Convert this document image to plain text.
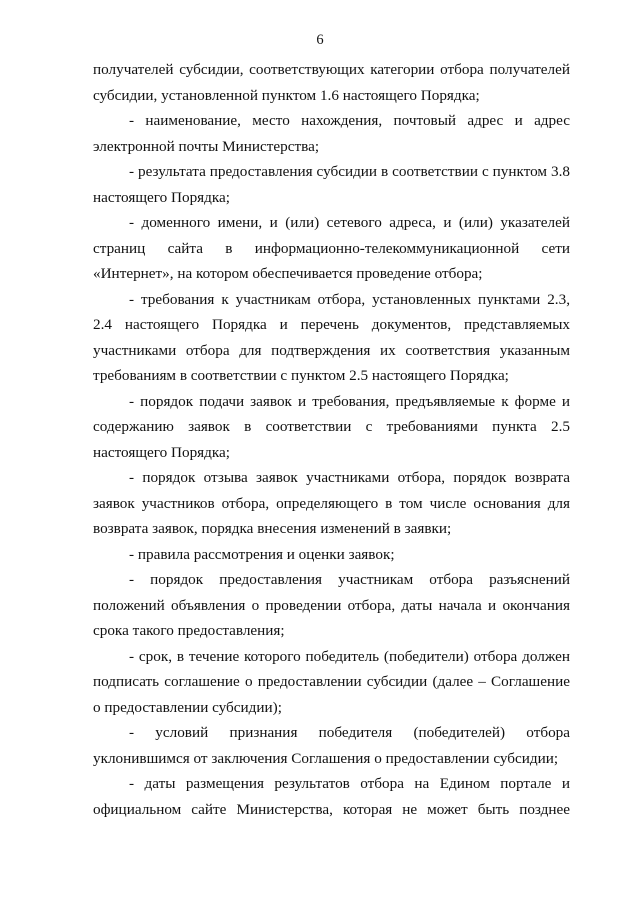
6

получателей субсидии, соответствующих категории отбора получателей субсидии, установленной пунктом 1.6 настоящего Порядка;

- наименование, место нахождения, почтовый адрес и адрес электронной почты Министерства;

- результата предоставления субсидии в соответствии с пунктом 3.8 настоящего Порядка;

- доменного имени, и (или) сетевого адреса, и (или) указателей страниц сайта в информационно-телекоммуникационной сети «Интернет», на котором обеспечивается проведение отбора;

- требования к участникам отбора, установленных пунктами 2.3, 2.4 настоящего Порядка и перечень документов, представляемых участниками отбора для подтверждения их соответствия указанным требованиям в соответствии с пунктом 2.5 настоящего Порядка;

- порядок подачи заявок и требования, предъявляемые к форме и содержанию заявок в соответствии с требованиями пункта 2.5 настоящего Порядка;

- порядок отзыва заявок участниками отбора, порядок возврата заявок участников отбора, определяющего в том числе основания для возврата заявок, порядка внесения изменений в заявки;

- правила рассмотрения и оценки заявок;

- порядок предоставления участникам отбора разъяснений положений объявления о проведении отбора, даты начала и окончания срока такого предоставления;

- срок, в течение которого победитель (победители) отбора должен подписать соглашение о предоставлении субсидии (далее – Соглашение о предоставлении субсидии);

- условий признания победителя (победителей) отбора уклонившимся от заключения Соглашения о предоставлении субсидии;

- даты размещения результатов отбора на Едином портале и официальном сайте Министерства, которая не может быть позднее
